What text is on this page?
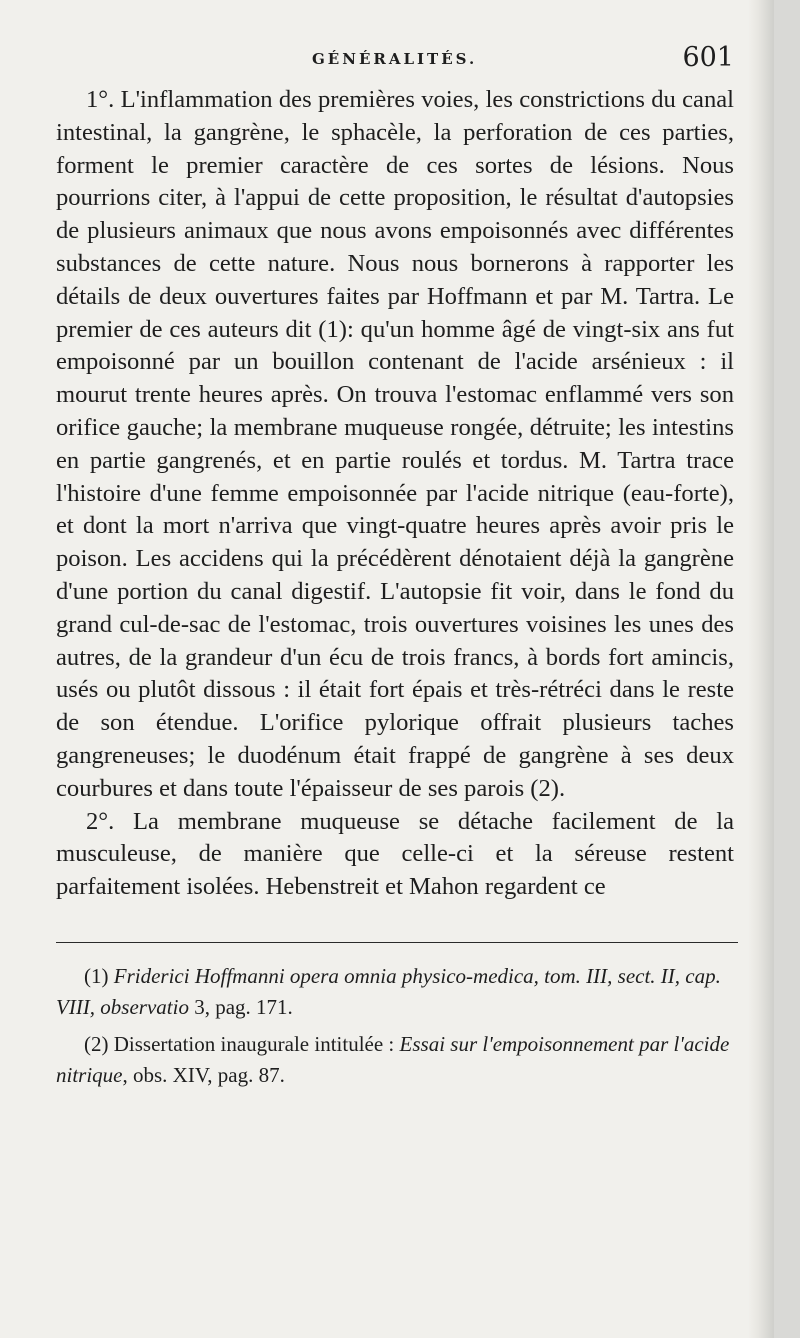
GÉNÉRALITÉS.	601

1°. L'inflammation des premières voies, les constrictions du canal intestinal, la gangrène, le sphacèle, la perforation de ces parties, forment le premier caractère de ces sortes de lésions. Nous pourrions citer, à l'appui de cette proposition, le résultat d'autopsies de plusieurs animaux que nous avons empoisonnés avec différentes substances de cette nature. Nous nous bornerons à rapporter les détails de deux ouvertures faites par Hoffmann et par M. Tartra. Le premier de ces auteurs dit (1): qu'un homme âgé de vingt-six ans fut empoisonné par un bouillon contenant de l'acide arsénieux : il mourut trente heures après. On trouva l'estomac enflammé vers son orifice gauche; la membrane muqueuse rongée, détruite; les intestins en partie gangrenés, et en partie roulés et tordus. M. Tartra trace l'histoire d'une femme empoisonnée par l'acide nitrique (eau-forte), et dont la mort n'arriva que vingt-quatre heures après avoir pris le poison. Les accidens qui la précédèrent dénotaient déjà la gangrène d'une portion du canal digestif. L'autopsie fit voir, dans le fond du grand cul-de-sac de l'estomac, trois ouvertures voisines les unes des autres, de la grandeur d'un écu de trois francs, à bords fort amincis, usés ou plutôt dissous : il était fort épais et très-rétréci dans le reste de son étendue. L'orifice pylorique offrait plusieurs taches gangreneuses; le duodénum était frappé de gangrène à ses deux courbures et dans toute l'épaisseur de ses parois (2).

2°. La membrane muqueuse se détache facilement de la musculeuse, de manière que celle-ci et la séreuse restent parfaitement isolées. Hebenstreit et Mahon regardent ce

(1) Friderici Hoffmanni opera omnia physico-medica, tom. III, sect. II, cap. VIII, observatio 3, pag. 171.

(2) Dissertation inaugurale intitulée : Essai sur l'empoisonnement par l'acide nitrique, obs. XIV, pag. 87.
